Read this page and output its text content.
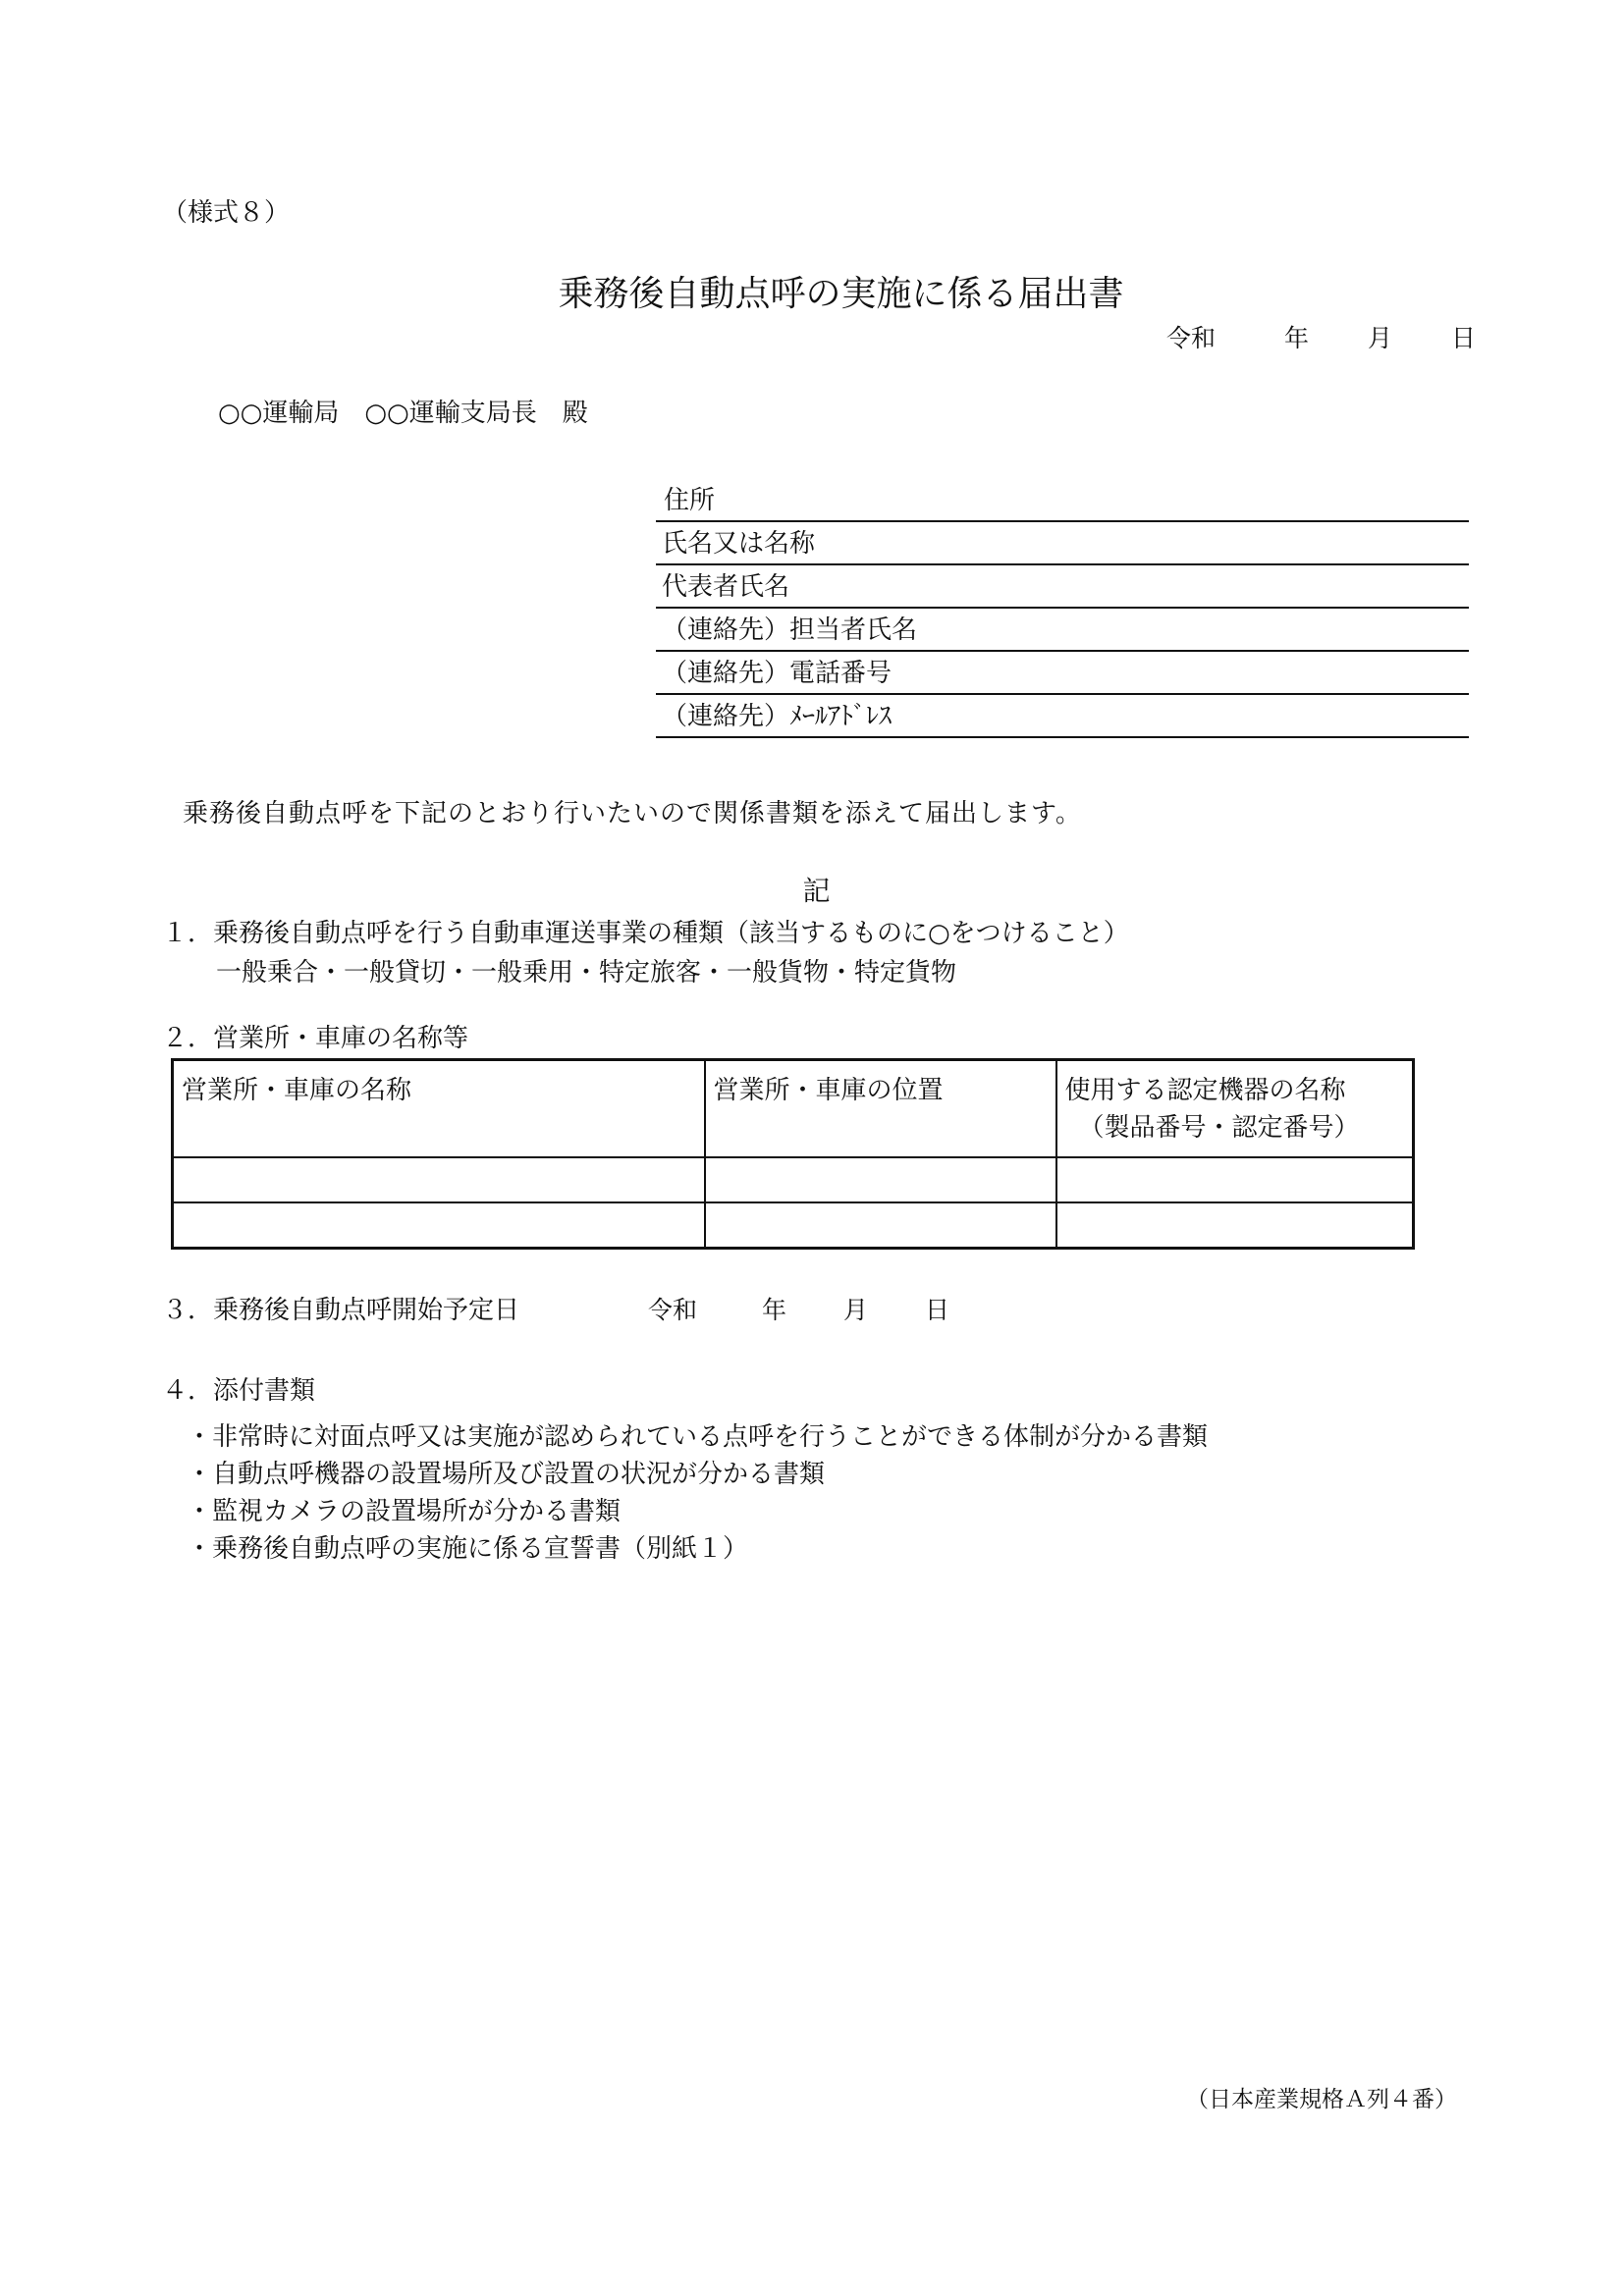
（様式８）
乗務後自動点呼の実施に係る届出書
令和	年 月 日
○○運輸局　○○運輸支局長　殿
住所
氏名又は名称
代表者氏名
（連絡先）担当者氏名
（連絡先）電話番号
（連絡先）ﾒｰﾙｱﾄﾞﾚｽ
乗務後自動点呼を下記のとおり行いたいので関係書類を添えて届出します。
記
１．乗務後自動点呼を行う自動車運送事業の種類（該当するものに○をつけること）
一般乗合・一般貸切・一般乗用・特定旅客・一般貨物・特定貨物
２．営業所・車庫の名称等
営業所・車庫の名称	営業所・車庫の位置	使用する認定機器の名称
（製品番号・認定番号）

３．乗務後自動点呼開始予定日	令和	年 月 日
４．添付書類
・非常時に対面点呼又は実施が認められている点呼を行うことができる体制が分かる書類
・自動点呼機器の設置場所及び設置の状況が分かる書類
・監視カメラの設置場所が分かる書類
・乗務後自動点呼の実施に係る宣誓書（別紙１）
（日本産業規格Ａ列４番）
